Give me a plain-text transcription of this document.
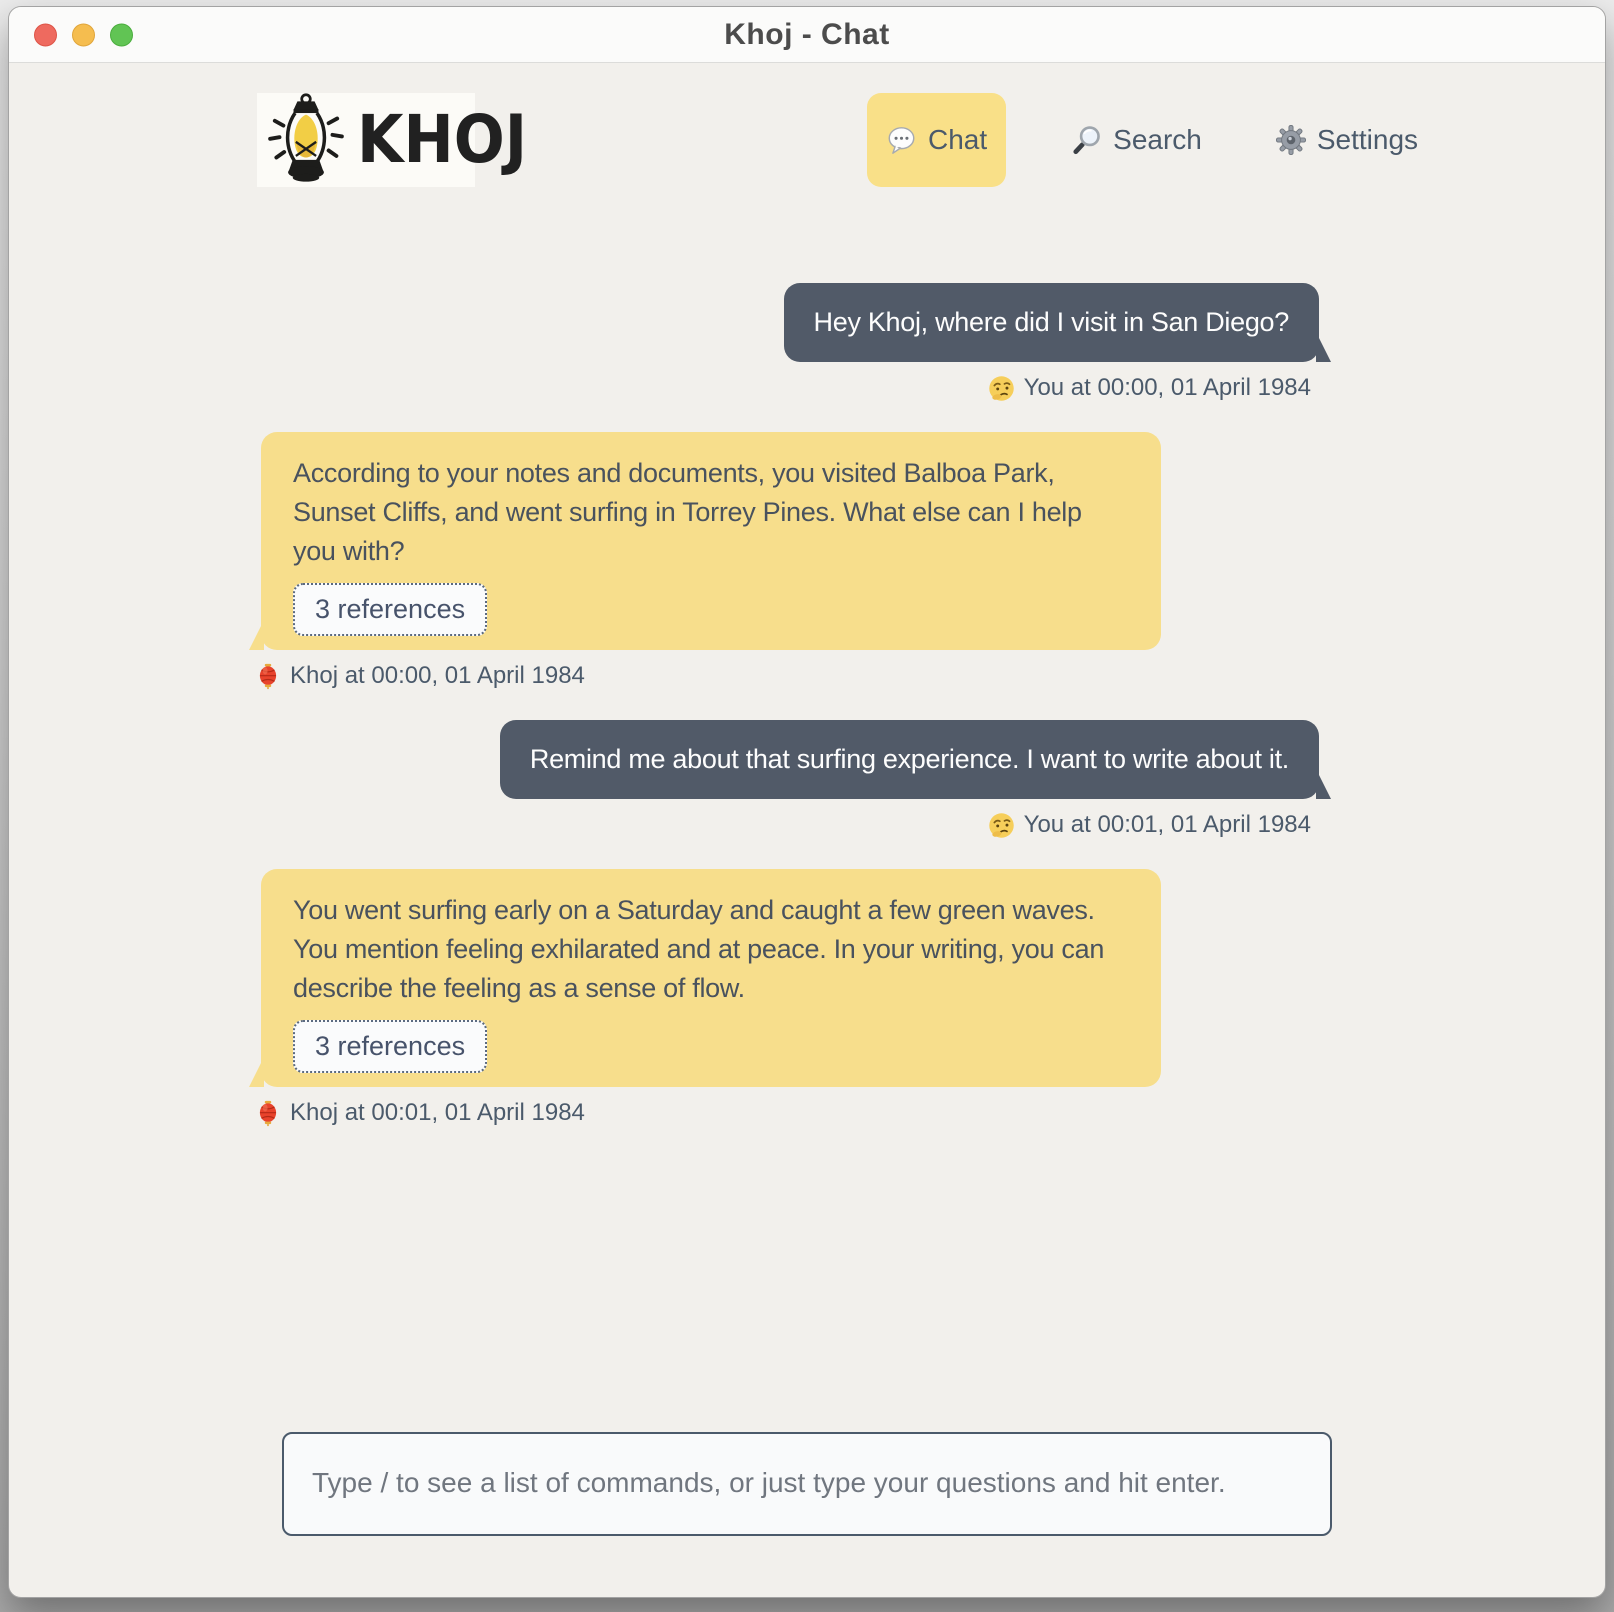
Khoj - Chat
KHOJ	Chat	Search	Settings
Hey Khoj, where did I visit in San Diego?
You at 00:00, 01 April 1984
According to your notes and documents, you visited Balboa Park, Sunset Cliffs, and went surfing in Torrey Pines. What else can I help you with?
3 references
Khoj at 00:00, 01 April 1984
Remind me about that surfing experience. I want to write about it.
You at 00:01, 01 April 1984
You went surfing early on a Saturday and caught a few green waves. You mention feeling exhilarated and at peace. In your writing, you can describe the feeling as a sense of flow.
3 references
Khoj at 00:01, 01 April 1984
Type / to see a list of commands, or just type your questions and hit enter.
